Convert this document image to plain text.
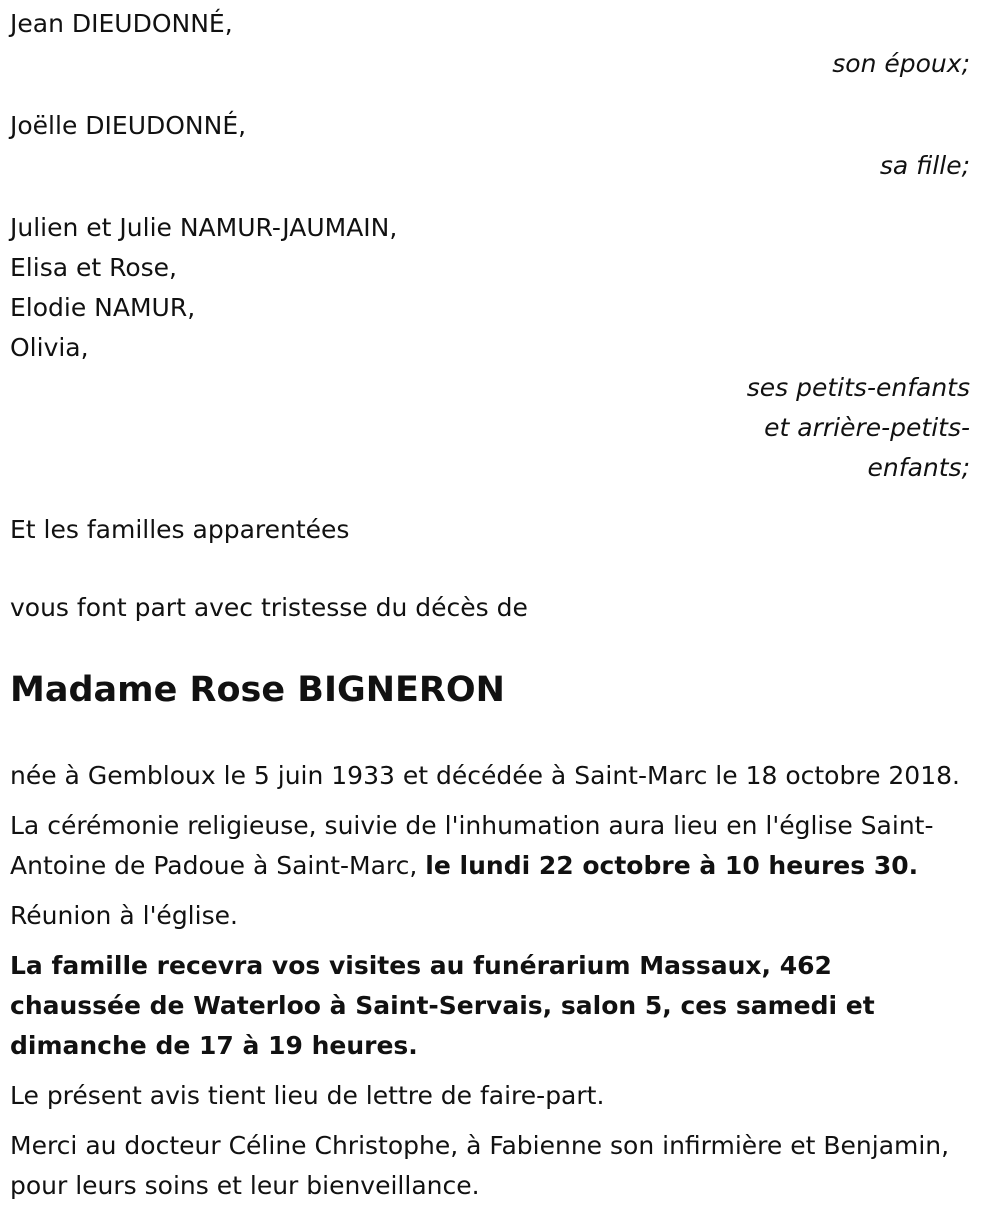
Jean DIEUDONNÉ,
son époux;
Joëlle DIEUDONNÉ,
sa fille;
Julien et Julie NAMUR-JAUMAIN,
Elisa et Rose,
Elodie NAMUR,
Olivia,
ses petits-enfants
et arrière-petits-
enfants;
Et les familles apparentées
vous font part avec tristesse du décès de
Madame Rose BIGNERON

née à Gembloux le 5 juin 1933 et décédée à Saint-Marc le 18 octobre 2018.

La cérémonie religieuse, suivie de l'inhumation aura lieu en l'église Saint-Antoine de Padoue à Saint-Marc, le lundi 22 octobre à 10 heures 30.

Réunion à l'église.

La famille recevra vos visites au funérarium Massaux, 462 chaussée de Waterloo à Saint-Servais, salon 5, ces samedi et dimanche de 17 à 19 heures.

Le présent avis tient lieu de lettre de faire-part.

Merci au docteur Céline Christophe, à Fabienne son infirmière et Benjamin, pour leurs soins et leur bienveillance.
